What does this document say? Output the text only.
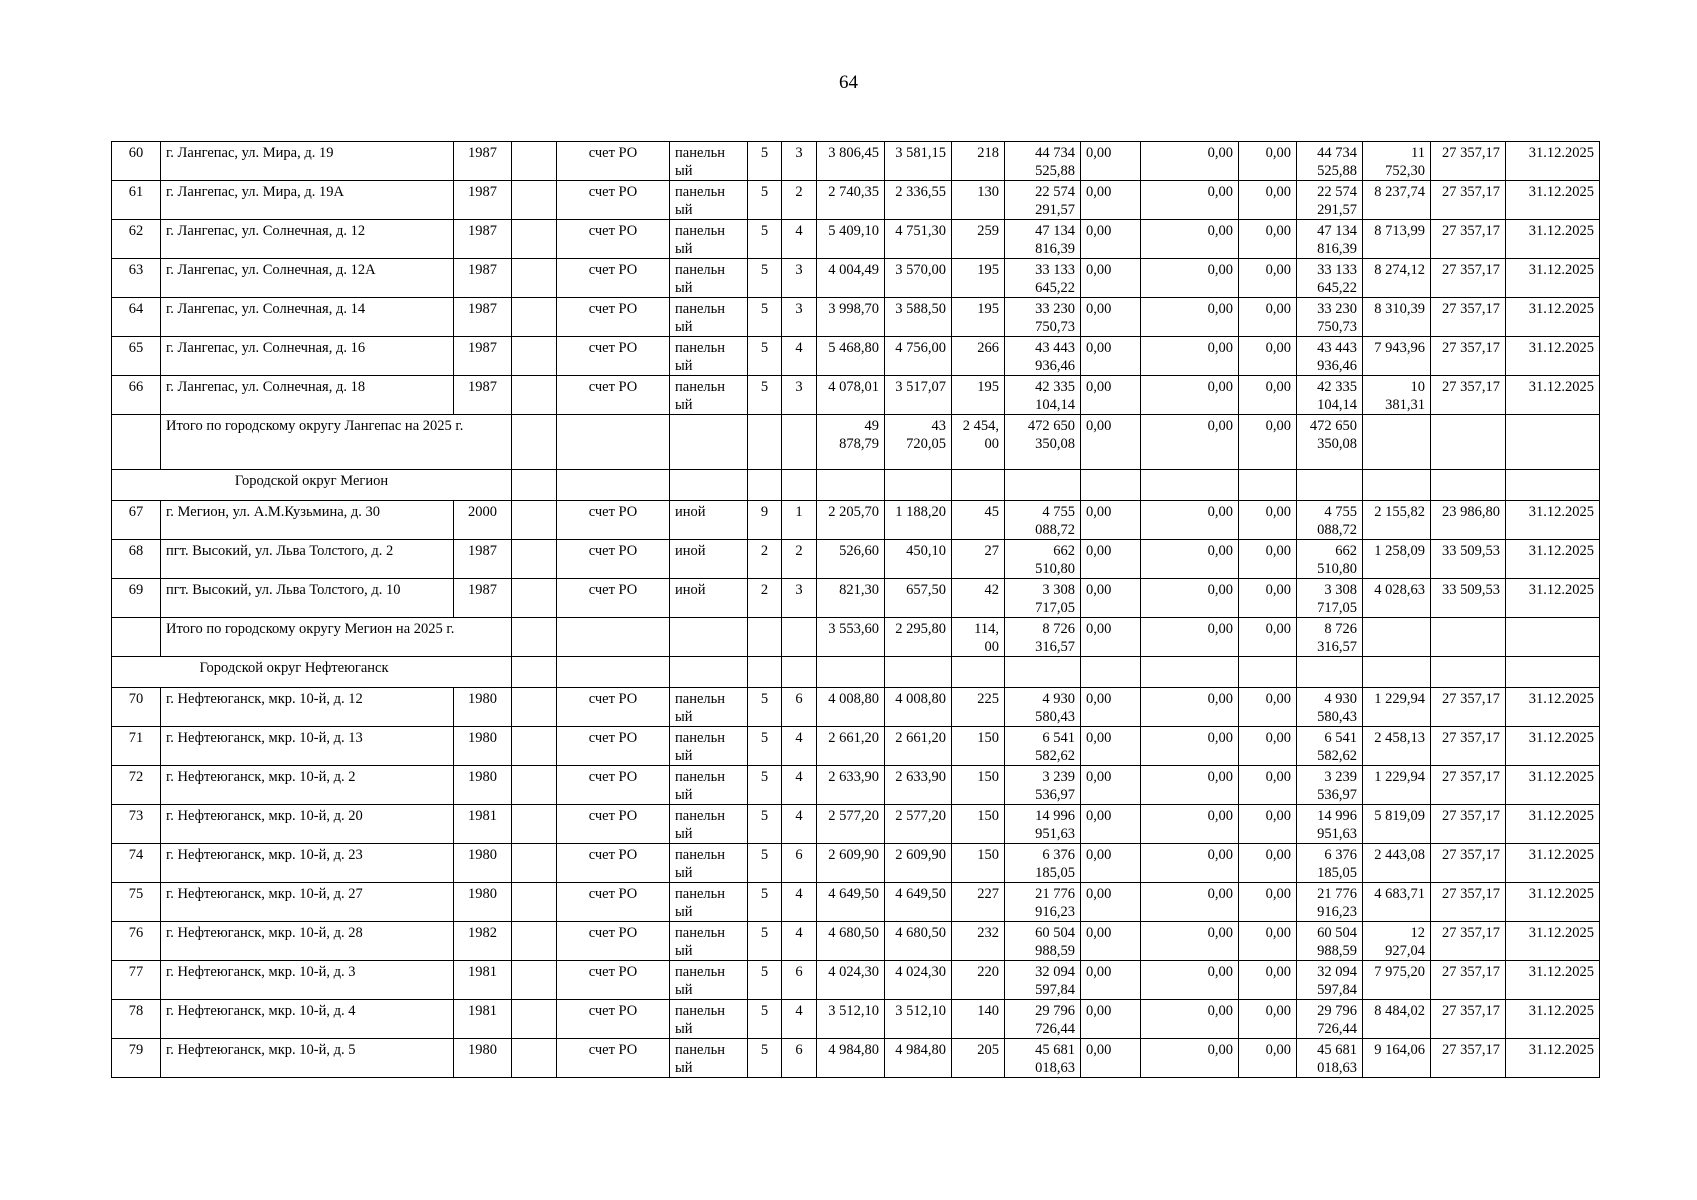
64
60	г. Лангепас, ул. Мира, д. 19	1987		счет РО	панельн ый	5	3	3 806,45	3 581,15	218	44 734 525,88	0,00	0,00	0,00	44 734 525,88	11 752,30	27 357,17	31.12.2025
61	г. Лангепас, ул. Мира, д. 19А	1987		счет РО	панельн ый	5	2	2 740,35	2 336,55	130	22 574 291,57	0,00	0,00	0,00	22 574 291,57	8 237,74	27 357,17	31.12.2025
62	г. Лангепас, ул. Солнечная, д. 12	1987		счет РО	панельн ый	5	4	5 409,10	4 751,30	259	47 134 816,39	0,00	0,00	0,00	47 134 816,39	8 713,99	27 357,17	31.12.2025
63	г. Лангепас, ул. Солнечная, д. 12А	1987		счет РО	панельн ый	5	3	4 004,49	3 570,00	195	33 133 645,22	0,00	0,00	0,00	33 133 645,22	8 274,12	27 357,17	31.12.2025
64	г. Лангепас, ул. Солнечная, д. 14	1987		счет РО	панельн ый	5	3	3 998,70	3 588,50	195	33 230 750,73	0,00	0,00	0,00	33 230 750,73	8 310,39	27 357,17	31.12.2025
65	г. Лангепас, ул. Солнечная, д. 16	1987		счет РО	панельн ый	5	4	5 468,80	4 756,00	266	43 443 936,46	0,00	0,00	0,00	43 443 936,46	7 943,96	27 357,17	31.12.2025
66	г. Лангепас, ул. Солнечная, д. 18	1987		счет РО	панельн ый	5	3	4 078,01	3 517,07	195	42 335 104,14	0,00	0,00	0,00	42 335 104,14	10 381,31	27 357,17	31.12.2025
	Итого по городскому округу Лангепас на 2025 г.							49 878,79	43 720,05	2 454, 00	472 650 350,08	0,00	0,00	0,00	472 650 350,08			
Городской округ Мегион																		
67	г. Мегион, ул. А.М.Кузьмина, д. 30	2000		счет РО	иной	9	1	2 205,70	1 188,20	45	4 755 088,72	0,00	0,00	0,00	4 755 088,72	2 155,82	23 986,80	31.12.2025
68	пгт. Высокий, ул. Льва Толстого, д. 2	1987		счет РО	иной	2	2	526,60	450,10	27	662 510,80	0,00	0,00	0,00	662 510,80	1 258,09	33 509,53	31.12.2025
69	пгт. Высокий, ул. Льва Толстого, д. 10	1987		счет РО	иной	2	3	821,30	657,50	42	3 308 717,05	0,00	0,00	0,00	3 308 717,05	4 028,63	33 509,53	31.12.2025
	Итого по городскому округу Мегион на 2025 г.							3 553,60	2 295,80	114, 00	8 726 316,57	0,00	0,00	0,00	8 726 316,57			
Городской округ Нефтеюганск																		
70	г. Нефтеюганск, мкр. 10-й, д. 12	1980		счет РО	панельн ый	5	6	4 008,80	4 008,80	225	4 930 580,43	0,00	0,00	0,00	4 930 580,43	1 229,94	27 357,17	31.12.2025
71	г. Нефтеюганск, мкр. 10-й, д. 13	1980		счет РО	панельн ый	5	4	2 661,20	2 661,20	150	6 541 582,62	0,00	0,00	0,00	6 541 582,62	2 458,13	27 357,17	31.12.2025
72	г. Нефтеюганск, мкр. 10-й, д. 2	1980		счет РО	панельн ый	5	4	2 633,90	2 633,90	150	3 239 536,97	0,00	0,00	0,00	3 239 536,97	1 229,94	27 357,17	31.12.2025
73	г. Нефтеюганск, мкр. 10-й, д. 20	1981		счет РО	панельн ый	5	4	2 577,20	2 577,20	150	14 996 951,63	0,00	0,00	0,00	14 996 951,63	5 819,09	27 357,17	31.12.2025
74	г. Нефтеюганск, мкр. 10-й, д. 23	1980		счет РО	панельн ый	5	6	2 609,90	2 609,90	150	6 376 185,05	0,00	0,00	0,00	6 376 185,05	2 443,08	27 357,17	31.12.2025
75	г. Нефтеюганск, мкр. 10-й, д. 27	1980		счет РО	панельн ый	5	4	4 649,50	4 649,50	227	21 776 916,23	0,00	0,00	0,00	21 776 916,23	4 683,71	27 357,17	31.12.2025
76	г. Нефтеюганск, мкр. 10-й, д. 28	1982		счет РО	панельн ый	5	4	4 680,50	4 680,50	232	60 504 988,59	0,00	0,00	0,00	60 504 988,59	12 927,04	27 357,17	31.12.2025
77	г. Нефтеюганск, мкр. 10-й, д. 3	1981		счет РО	панельн ый	5	6	4 024,30	4 024,30	220	32 094 597,84	0,00	0,00	0,00	32 094 597,84	7 975,20	27 357,17	31.12.2025
78	г. Нефтеюганск, мкр. 10-й, д. 4	1981		счет РО	панельн ый	5	4	3 512,10	3 512,10	140	29 796 726,44	0,00	0,00	0,00	29 796 726,44	8 484,02	27 357,17	31.12.2025
79	г. Нефтеюганск, мкр. 10-й, д. 5	1980		счет РО	панельн ый	5	6	4 984,80	4 984,80	205	45 681 018,63	0,00	0,00	0,00	45 681 018,63	9 164,06	27 357,17	31.12.2025
